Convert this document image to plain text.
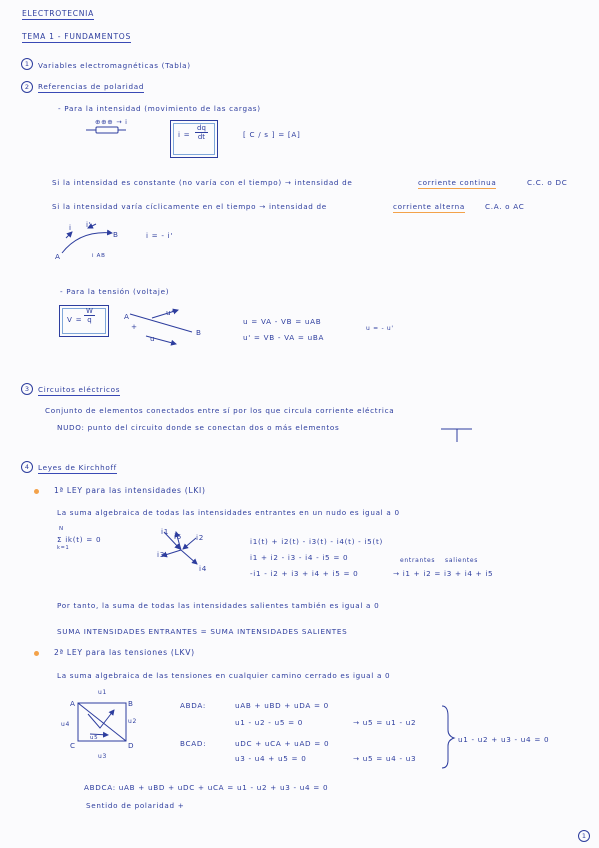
ELECTROTECNIA
TEMA 1 - FUNDAMENTOS
1	Variables electromagnéticas (Tabla)
2	Referencias de polaridad
- Para la intensidad (movimiento de las cargas)
⊕⊕⊕ → i
$i = \frac{dq}{dt}$	[ C / s ] = [A]
Si la intensidad es constante (no varía con el tiempo) → intensidad de	corriente continua	C.C. o DC
Si la intensidad varía cíclicamente en el tiempo → intensidad de	corriente alterna	C.A. o AC
i i'
A
B
i AB
i = - i'
- Para la tensión (voltaje)
$V = \frac{W}{q}$	A
+
B
u
u'
u = VA - VB = uAB
u' = VB - VA = uBA
u = - u'
3	Circuitos eléctricos
Conjunto de elementos conectados entre sí por los que circula corriente eléctrica
NUDO: punto del circuito donde se conectan dos o más elementos
4	Leyes de Kirchhoff
1ª LEY para las intensidades (LKI)
La suma algebraica de todas las intensidades entrantes en un nudo es igual a 0
N
Σ ik(t) = 0
k=1
i1
i2
i3
i4
i5
i1(t) + i2(t) - i3(t) - i4(t) - i5(t)
i1 + i2 - i3 - i4 - i5 = 0
-i1 - i2 + i3 + i4 + i5 = 0
entrantes salientes
→ i1 + i2 = i3 + i4 + i5
Por tanto, la suma de todas las intensidades salientes también es igual a 0
SUMA INTENSIDADES ENTRANTES = SUMA INTENSIDADES SALIENTES
2ª LEY para las tensiones (LKV)
La suma algebraica de las tensiones en cualquier camino cerrado es igual a 0
A	B
C	D
u1
u2
u3
u4
u5
ABDA:	uAB + uBD + uDA = 0
u1 - u2 - u5 = 0	→ u5 = u1 - u2
BCAD:	uDC + uCA + uAD = 0
u3 - u4 + u5 = 0	→ u5 = u4 - u3
u1 - u2 + u3 - u4 = 0
ABDCA: uAB + uBD + uDC + uCA = u1 - u2 + u3 - u4 = 0
Sentido de polaridad +
1
